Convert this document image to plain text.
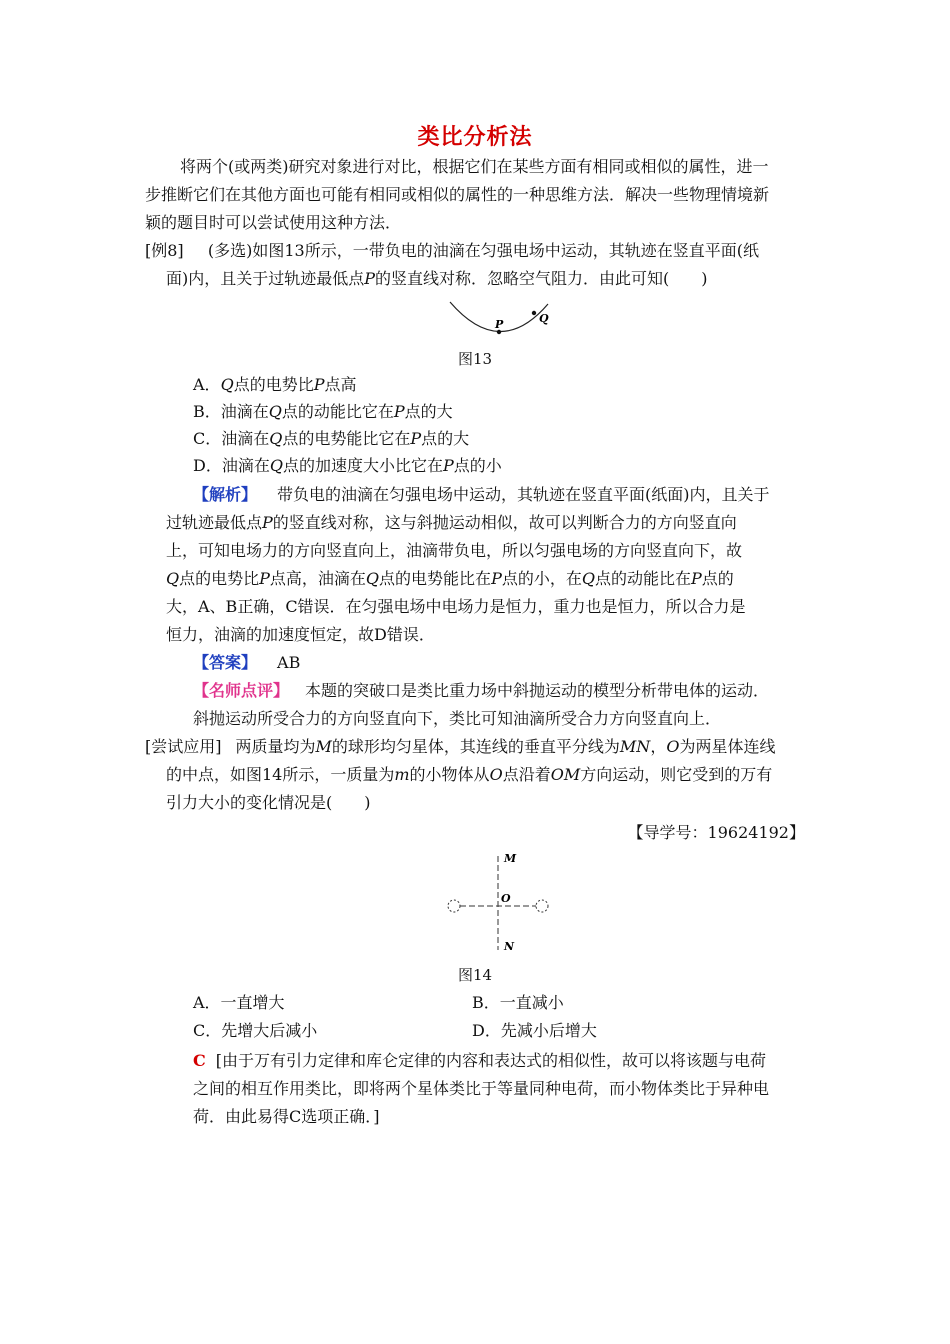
类比分析法
将两个(或两类)研究对象进行对比，根据它们在某些方面有相同或相似的属性，进一
步推断它们在其他方面也可能有相同或相似的属性的一种思维方法．解决一些物理情境新
颖的题目时可以尝试使用这种方法．
[例8] (多选)如图13所示，一带负电的油滴在匀强电场中运动，其轨迹在竖直平面(纸
面)内，且关于过轨迹最低点P的竖直线对称．忽略空气阻力．由此可知(　　)
P	Q
图13
A．Q点的电势比P点高
B．油滴在Q点的动能比它在P点的大
C．油滴在Q点的电势能比它在P点的大
D．油滴在Q点的加速度大小比它在P点的小
【解析】 带负电的油滴在匀强电场中运动，其轨迹在竖直平面(纸面)内，且关于
过轨迹最低点P的竖直线对称，这与斜抛运动相似，故可以判断合力的方向竖直向
上，可知电场力的方向竖直向上，油滴带负电，所以匀强电场的方向竖直向下，故
Q点的电势比P点高，油滴在Q点的电势能比在P点的小，在Q点的动能比在P点的
大，A、B正确，C错误．在匀强电场中电场力是恒力，重力也是恒力，所以合力是
恒力，油滴的加速度恒定，故D错误．
【答案】 AB
【名师点评】 本题的突破口是类比重力场中斜抛运动的模型分析带电体的运动．
斜抛运动所受合力的方向竖直向下，类比可知油滴所受合力方向竖直向上．
[尝试应用] 两质量均为M的球形均匀星体，其连线的垂直平分线为MN，O为两星体连线
的中点，如图14所示，一质量为m的小物体从O点沿着OM方向运动，则它受到的万有
引力大小的变化情况是(　　)
【导学号：19624192】
M
O
N
图14
A．一直增大	B．一直减小
C．先增大后减小	D．先减小后增大
C [由于万有引力定律和库仑定律的内容和表达式的相似性，故可以将该题与电荷
之间的相互作用类比，即将两个星体类比于等量同种电荷，而小物体类比于异种电
荷．由此易得C选项正确．]
